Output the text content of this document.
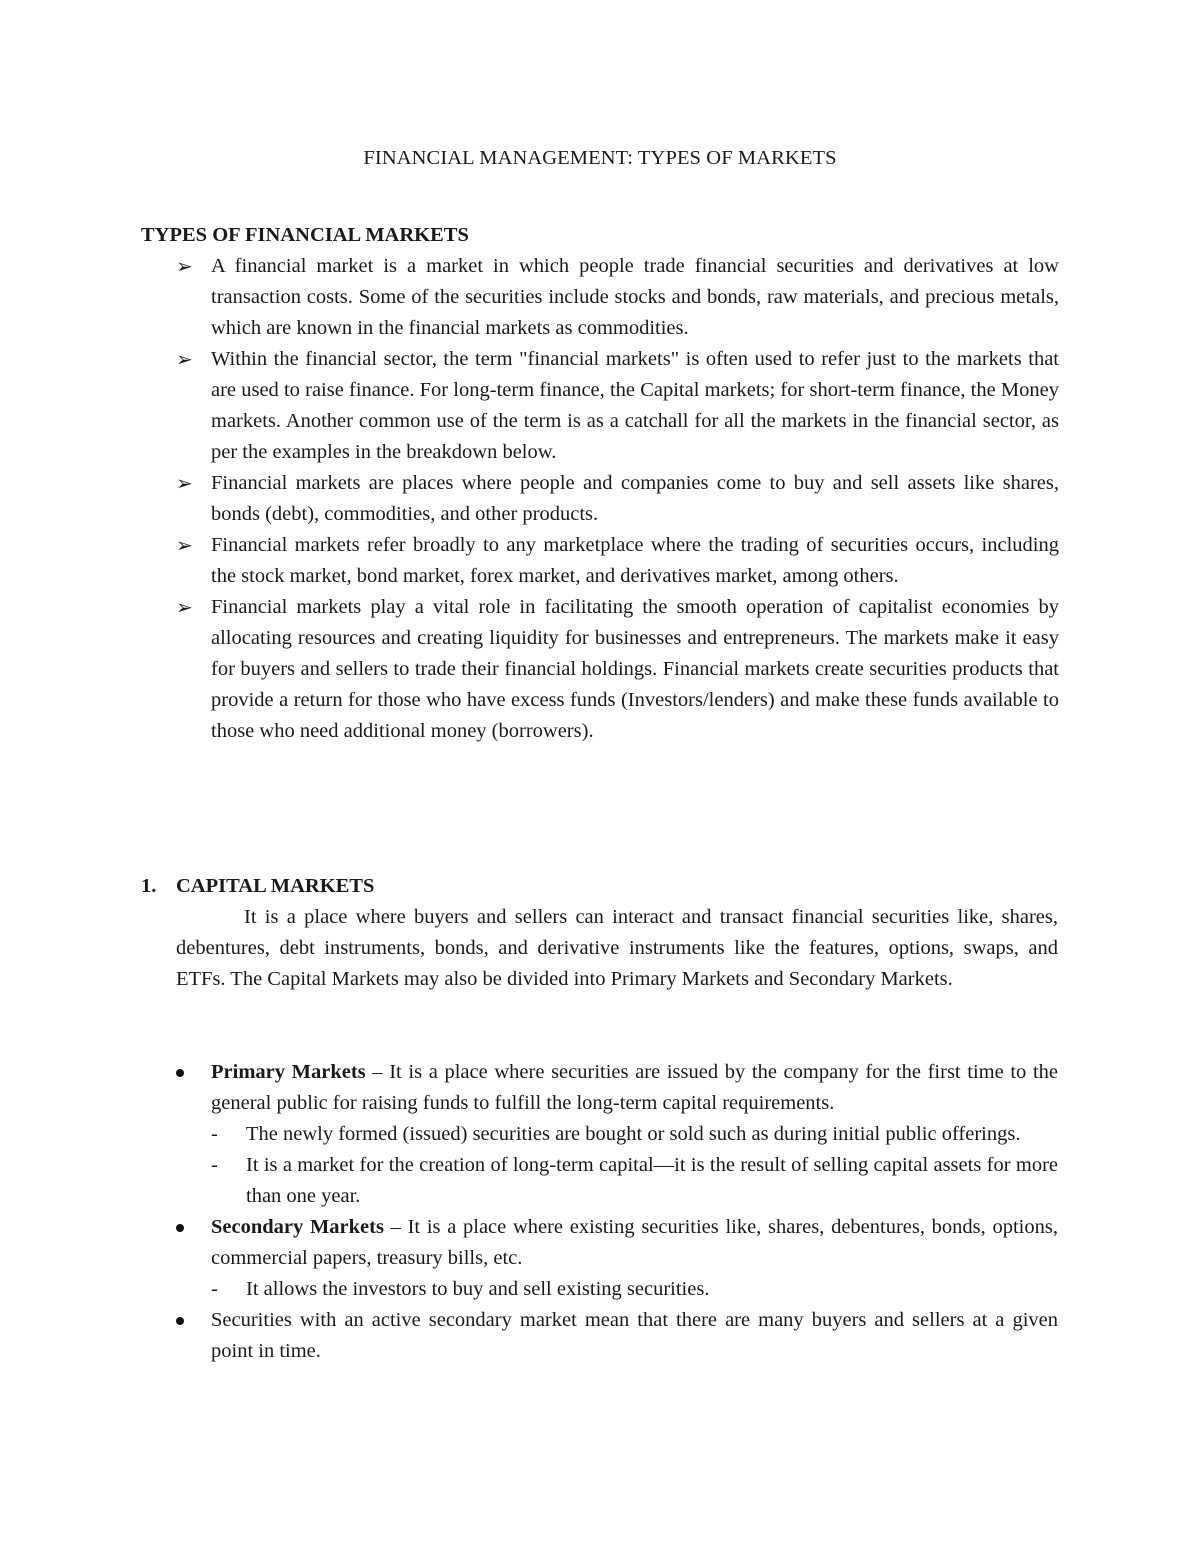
FINANCIAL MANAGEMENT: TYPES OF MARKETS
TYPES OF FINANCIAL MARKETS
➢ A financial market is a market in which people trade financial securities and derivatives at low transaction costs. Some of the securities include stocks and bonds, raw materials, and precious metals, which are known in the financial markets as commodities.
➢ Within the financial sector, the term "financial markets" is often used to refer just to the markets that are used to raise finance. For long-term finance, the Capital markets; for short-term finance, the Money markets. Another common use of the term is as a catchall for all the markets in the financial sector, as per the examples in the breakdown below.
➢ Financial markets are places where people and companies come to buy and sell assets like shares, bonds (debt), commodities, and other products.
➢ Financial markets refer broadly to any marketplace where the trading of securities occurs, including the stock market, bond market, forex market, and derivatives market, among others.
➢ Financial markets play a vital role in facilitating the smooth operation of capitalist economies by allocating resources and creating liquidity for businesses and entrepreneurs. The markets make it easy for buyers and sellers to trade their financial holdings. Financial markets create securities products that provide a return for those who have excess funds (Investors/lenders) and make these funds available to those who need additional money (borrowers).
1. CAPITAL MARKETS

It is a place where buyers and sellers can interact and transact financial securities like, shares, debentures, debt instruments, bonds, and derivative instruments like the features, options, swaps, and ETFs. The Capital Markets may also be divided into Primary Markets and Secondary Markets.

Primary Markets – It is a place where securities are issued by the company for the first time to the general public for raising funds to fulfill the long-term capital requirements.
- The newly formed (issued) securities are bought or sold such as during initial public offerings.
- It is a market for the creation of long-term capital—it is the result of selling capital assets for more than one year.
Secondary Markets – It is a place where existing securities like, shares, debentures, bonds, options, commercial papers, treasury bills, etc.
- It allows the investors to buy and sell existing securities.
Securities with an active secondary market mean that there are many buyers and sellers at a given point in time.
